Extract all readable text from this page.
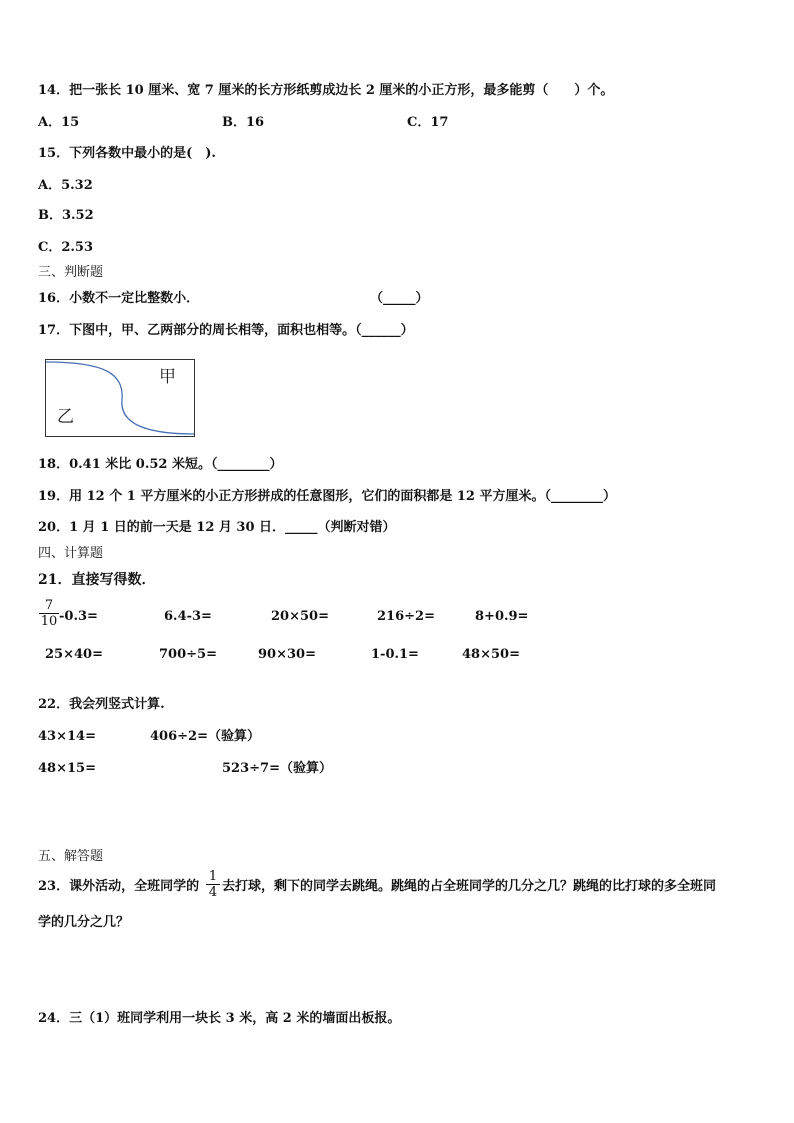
14．把一张长 10 厘米、宽 7 厘米的长方形纸剪成边长 2 厘米的小正方形，最多能剪（　　）个。
A．15	B．16	C．17
15．下列各数中最小的是(　).
A．5.32
B．3.52
C．2.53
三、判断题
16．小数不一定比整数小．	（_____）
17．下图中，甲、乙两部分的周长相等，面积也相等。（______）
甲
乙
18．0.41 米比 0.52 米短。（________）
19．用 12 个 1 平方厘米的小正方形拼成的任意图形，它们的面积都是 12 平方厘米。（________）
20．1 月 1 日的前一天是 12 月 30 日．_____（判断对错）
四、计算题
21．直接写得数．
7
10 -0.3=	6.4-3=	20×50=	216÷2=	8+0.9=
25×40=	700÷5=	90×30=	1-0.1=	48×50=
22．我会列竖式计算.
43×14=	406÷2=（验算）
48×15=	523÷7=（验算）
五、解答题
23．课外活动，全班同学的
1
4 去打球，剩下的同学去跳绳。跳绳的占全班同学的几分之几？跳绳的比打球的多全班同
学的几分之几？
24．三（1）班同学利用一块长 3 米，高 2 米的墙面出板报。
